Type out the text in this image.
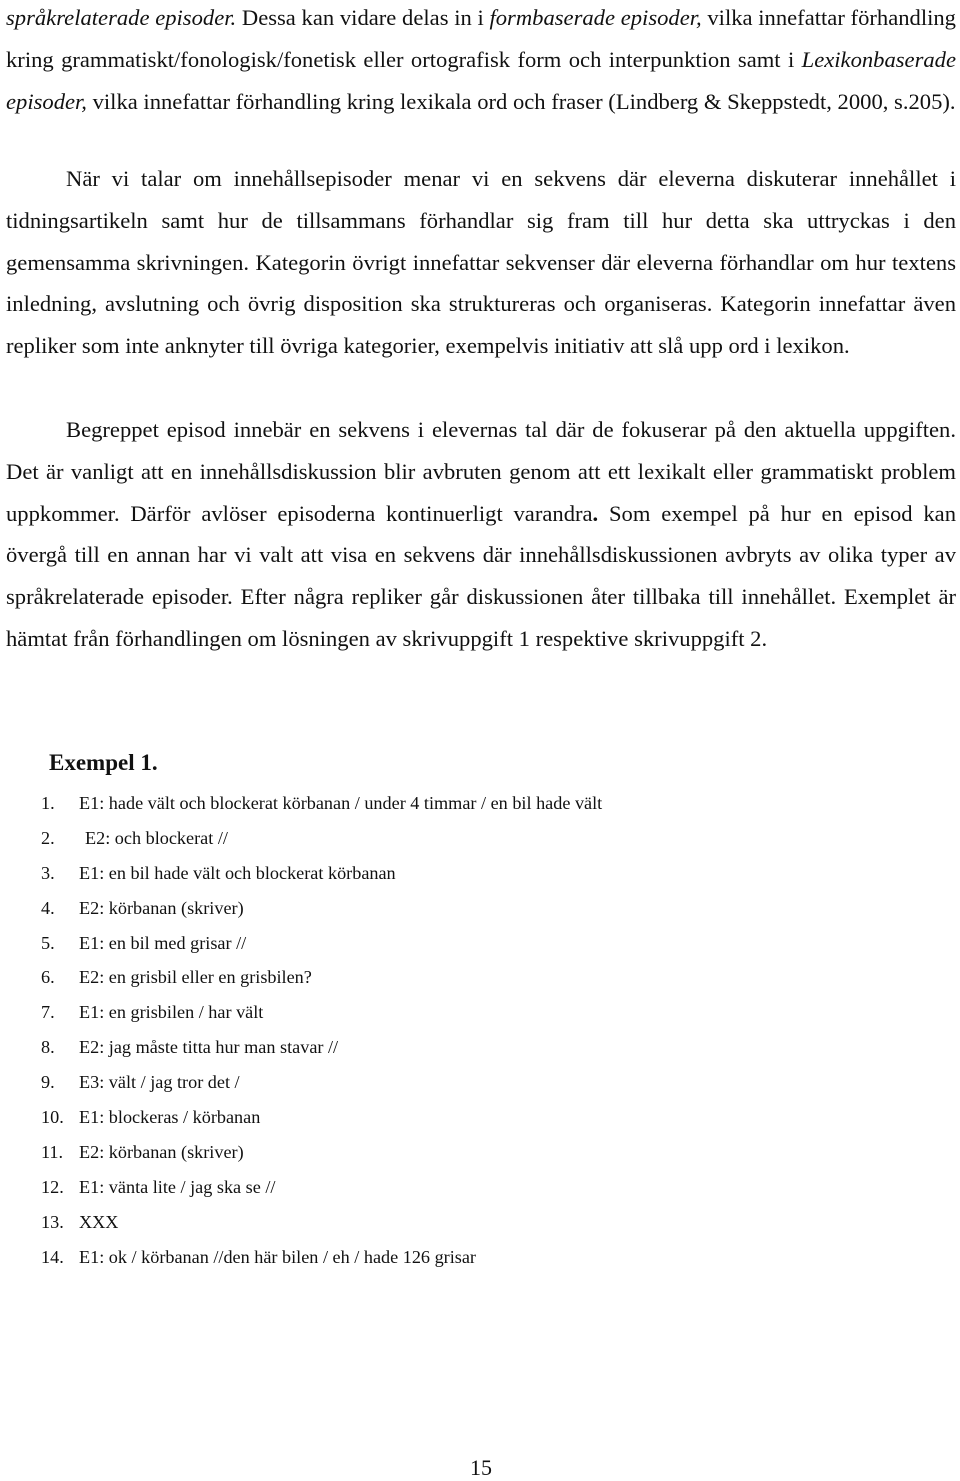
språkrelaterade episoder. Dessa kan vidare delas in i formbaserade episoder, vilka innefattar förhandling kring grammatiskt/fonologisk/fonetisk eller ortografisk form och interpunktion samt i Lexikonbaserade episoder, vilka innefattar förhandling kring lexikala ord och fraser (Lindberg & Skeppstedt, 2000, s.205).

När vi talar om innehållsepisoder menar vi en sekvens där eleverna diskuterar innehållet i tidningsartikeln samt hur de tillsammans förhandlar sig fram till hur detta ska uttryckas i den gemensamma skrivningen. Kategorin övrigt innefattar sekvenser där eleverna förhandlar om hur textens inledning, avslutning och övrig disposition ska struktureras och organiseras. Kategorin innefattar även repliker som inte anknyter till övriga kategorier, exempelvis initiativ att slå upp ord i lexikon.

Begreppet episod innebär en sekvens i elevernas tal där de fokuserar på den aktuella uppgiften. Det är vanligt att en innehållsdiskussion blir avbruten genom att ett lexikalt eller grammatiskt problem uppkommer. Därför avlöser episoderna kontinuerligt varandra. Som exempel på hur en episod kan övergå till en annan har vi valt att visa en sekvens där innehållsdiskussionen avbryts av olika typer av språkrelaterade episoder. Efter några repliker går diskussionen åter tillbaka till innehållet. Exemplet är hämtat från förhandlingen om lösningen av skrivuppgift 1 respektive skrivuppgift 2.

Exempel 1.
1.	E1: hade vält och blockerat körbanan / under 4 timmar / en bil hade vält
2.	E2: och blockerat //
3.	E1: en bil hade vält och blockerat körbanan
4.	E2: körbanan (skriver)
5.	E1: en bil med grisar //
6.	E2: en grisbil eller en grisbilen?
7.	E1: en grisbilen / har vält
8.	E2: jag måste titta hur man stavar //
9.	E3: vält / jag tror det /
10. E1: blockeras / körbanan
11. E2: körbanan (skriver)
12. E1: vänta lite / jag ska se //
13. XXX
14. E1: ok / körbanan //den här bilen / eh / hade 126 grisar
15
